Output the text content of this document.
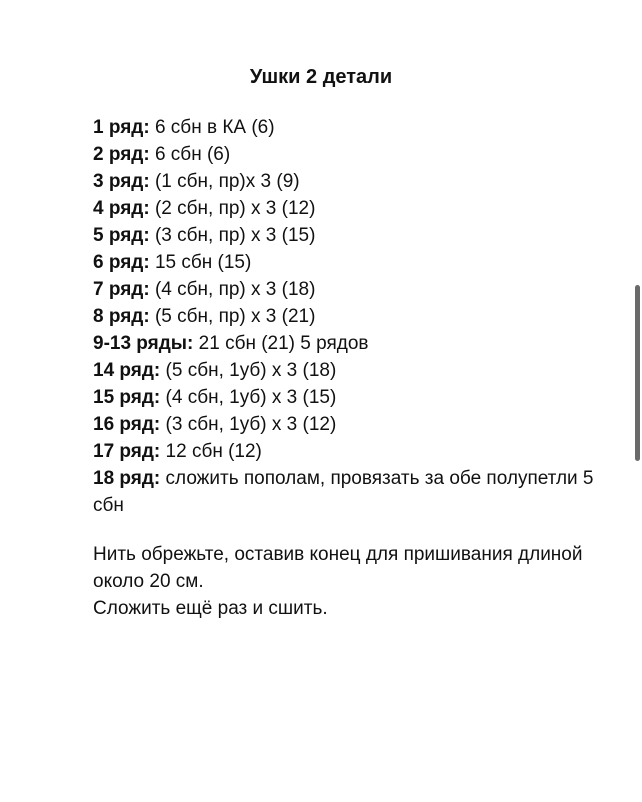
Ушки 2 детали
1 ряд: 6 сбн в КА (6)
2 ряд: 6 сбн (6)
3 ряд: (1 сбн, пр)х 3 (9)
4 ряд: (2 сбн, пр) х 3 (12)
5 ряд: (3 сбн, пр) х 3 (15)
6 ряд: 15 сбн (15)
7 ряд: (4 сбн, пр) х 3 (18)
8 ряд: (5 сбн, пр) х 3 (21)
9-13 ряды: 21 сбн (21) 5 рядов
14 ряд: (5 сбн, 1уб) х 3 (18)
15 ряд: (4 сбн, 1уб) х 3 (15)
16 ряд: (3 сбн, 1уб) х 3 (12)
17 ряд: 12 сбн (12)
18 ряд: сложить пополам, провязать за обе полупетли 5 сбн

Нить обрежьте, оставив конец для пришивания длиной около 20 см.

Сложить ещё раз и сшить.
